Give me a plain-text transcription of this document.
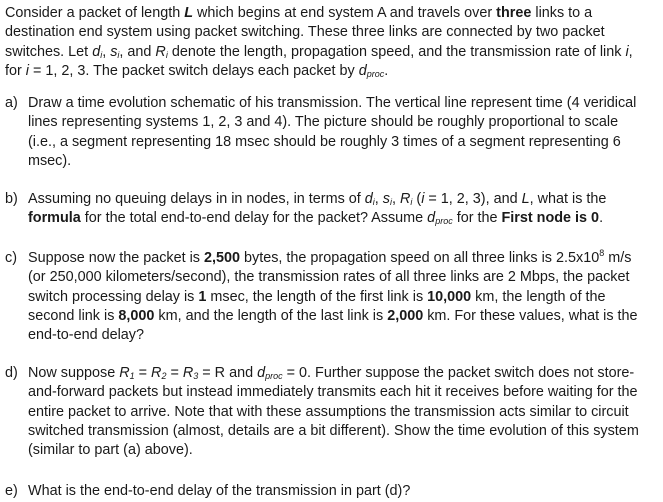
Consider a packet of length L which begins at end system A and travels over three links to a destination end system using packet switching. These three links are connected by two packet switches. Let $d_i$, $s_i$, and $R_i$ denote the length, propagation speed, and the transmission rate of link i, for i = 1, 2, 3. The packet switch delays each packet by $d_{proc}$.

a) Draw a time evolution schematic of his transmission. The vertical line represent time (4 veridical lines representing systems 1, 2, 3 and 4). The picture should be roughly proportional to scale (i.e., a segment representing 18 msec should be roughly 3 times of a segment representing 6 msec).
b) Assuming no queuing delays in in nodes, in terms of $d_i$, $s_i$, $R_i$ (i = 1, 2, 3), and L, what is the formula for the total end-to-end delay for the packet? Assume $d_{proc}$ for the First node is 0.
c) Suppose now the packet is 2,500 bytes, the propagation speed on all three links is $2.5x10^8$ m/s (or 250,000 kilometers/second), the transmission rates of all three links are 2 Mbps, the packet switch processing delay is 1 msec, the length of the first link is 10,000 km, the length of the second link is 8,000 km, and the length of the last link is 2,000 km. For these values, what is the end-to-end delay?
d) Now suppose $R_1 = R_2 = R_3 = R$ and $d_{proc} = 0$. Further suppose the packet switch does not store-and-forward packets but instead immediately transmits each hit it receives before waiting for the entire packet to arrive. Note that with these assumptions the transmission acts similar to circuit switched transmission (almost, details are a bit different). Show the time evolution of this system (similar to part (a) above).
e) What is the end-to-end delay of the transmission in part (d)?
